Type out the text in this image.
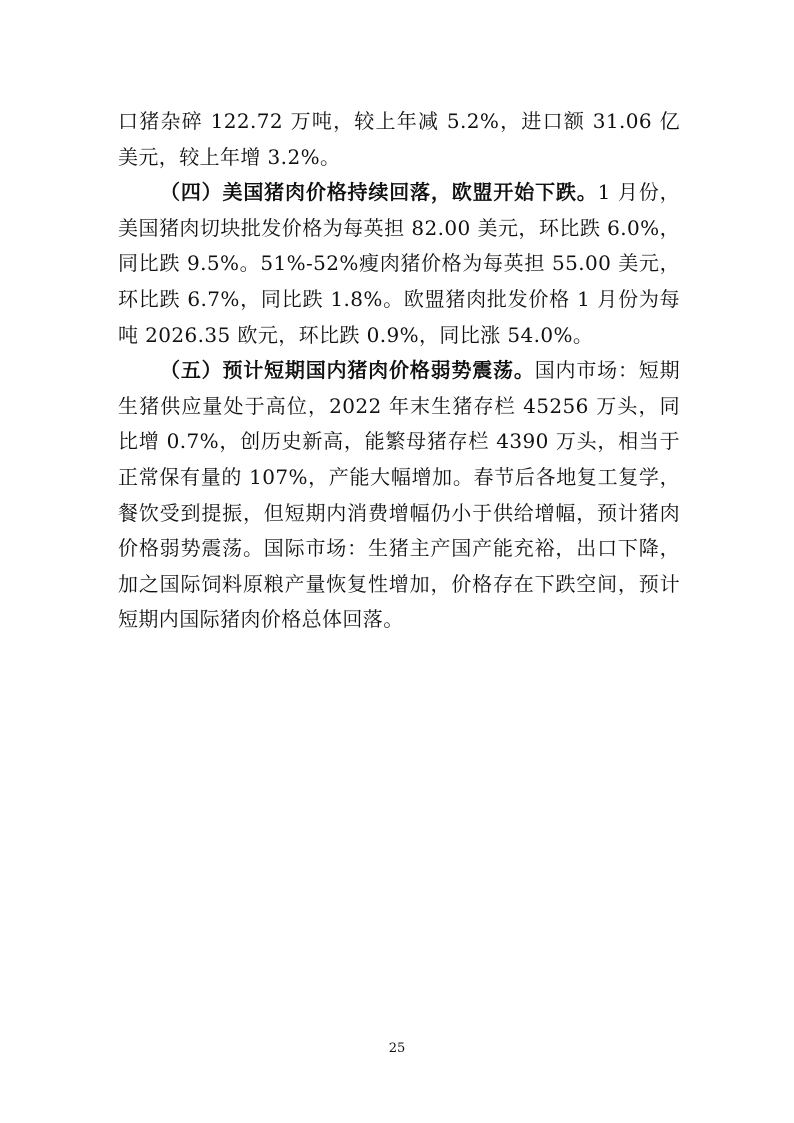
口猪杂碎 122.72 万吨，较上年减 5.2%，进口额 31.06 亿美元，较上年增 3.2%。

（四）美国猪肉价格持续回落，欧盟开始下跌。1 月份，美国猪肉切块批发价格为每英担 82.00 美元，环比跌 6.0%，同比跌 9.5%。51%-52%瘦肉猪价格为每英担 55.00 美元，环比跌 6.7%，同比跌 1.8%。欧盟猪肉批发价格 1 月份为每吨 2026.35 欧元，环比跌 0.9%，同比涨 54.0%。

（五）预计短期国内猪肉价格弱势震荡。国内市场：短期生猪供应量处于高位，2022 年末生猪存栏 45256 万头，同比增 0.7%，创历史新高，能繁母猪存栏 4390 万头，相当于正常保有量的 107%，产能大幅增加。春节后各地复工复学，餐饮受到提振，但短期内消费增幅仍小于供给增幅，预计猪肉价格弱势震荡。国际市场：生猪主产国产能充裕，出口下降，加之国际饲料原粮产量恢复性增加，价格存在下跌空间，预计短期内国际猪肉价格总体回落。

25
